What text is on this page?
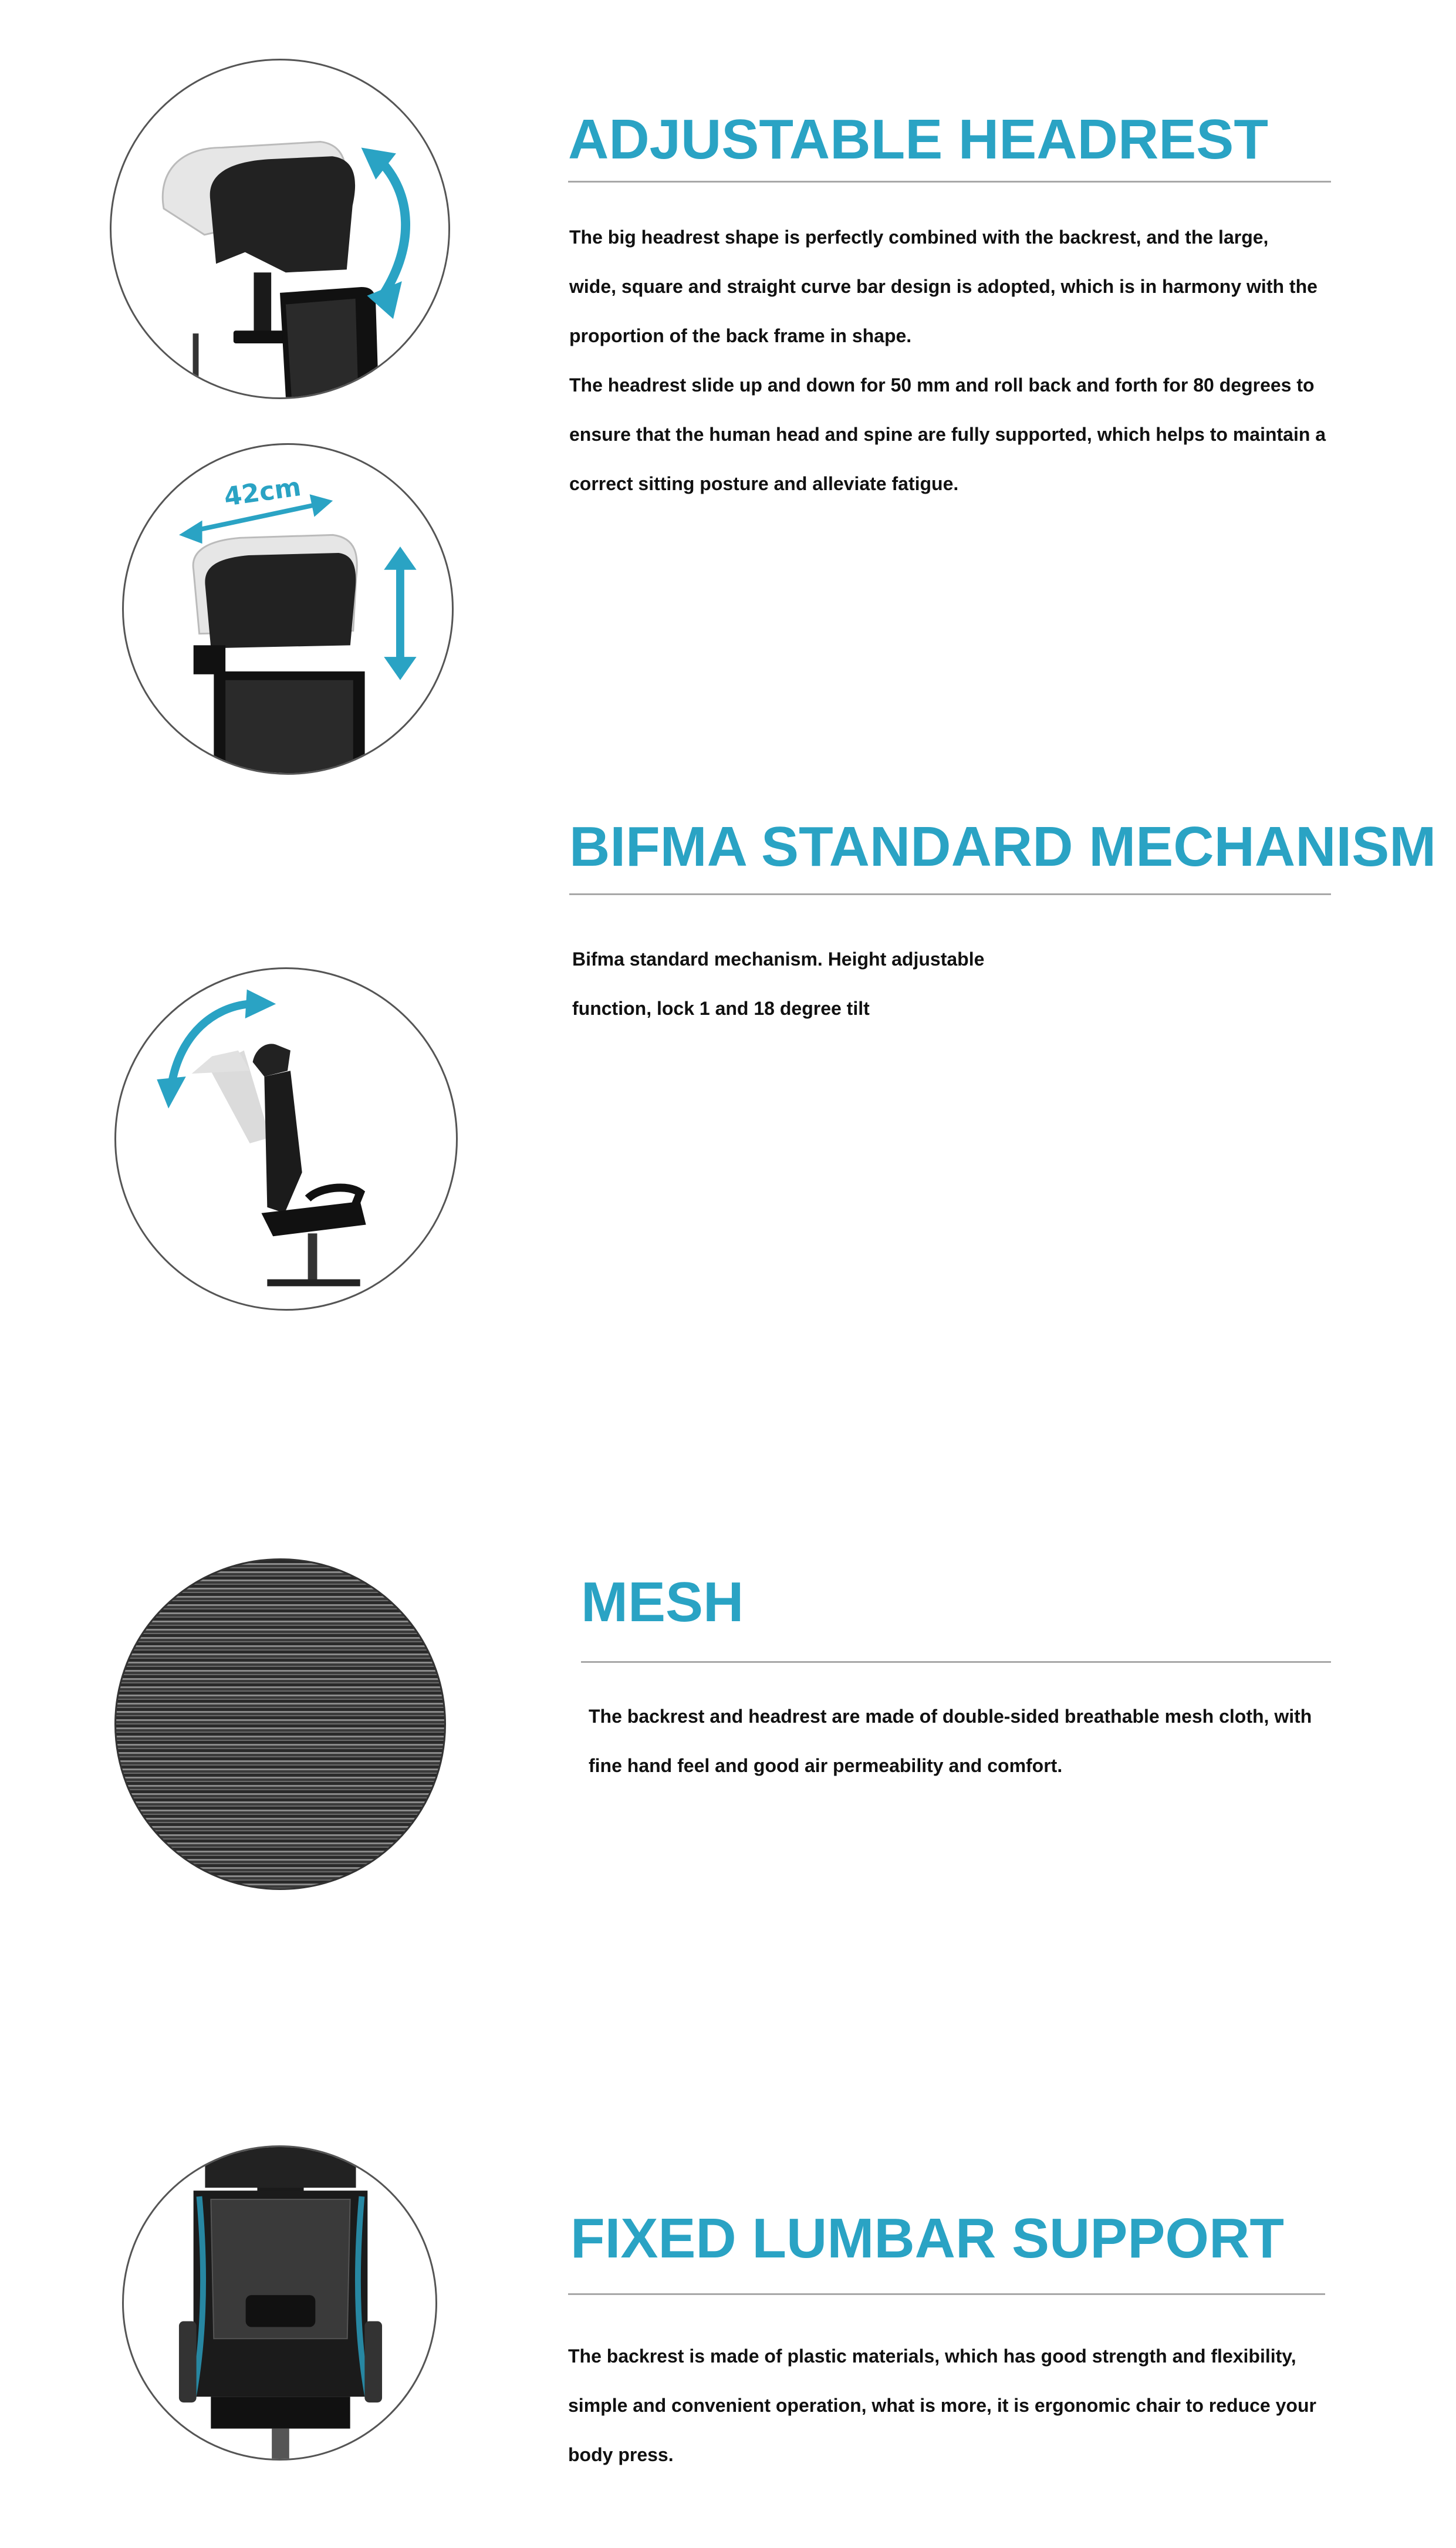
42cm
ADJUSTABLE HEADREST
The big headrest shape is perfectly combined with the backrest, and the large,
wide, square and straight curve bar design is adopted, which is in harmony with the
proportion of the back frame in shape.
The headrest slide up and down for 50 mm and roll back and forth for 80 degrees to
ensure that the human head and spine are fully supported, which helps to maintain a
correct sitting posture and alleviate fatigue.
BIFMA STANDARD MECHANISM
Bifma standard mechanism. Height adjustable
function, lock 1 and 18 degree tilt
MESH
The backrest and headrest are made of double-sided breathable mesh cloth, with
fine hand feel and good air permeability and comfort.
FIXED LUMBAR SUPPORT
The backrest is made of plastic materials, which has good strength and flexibility,
simple and convenient operation, what is more, it is ergonomic chair to reduce your
body press.
